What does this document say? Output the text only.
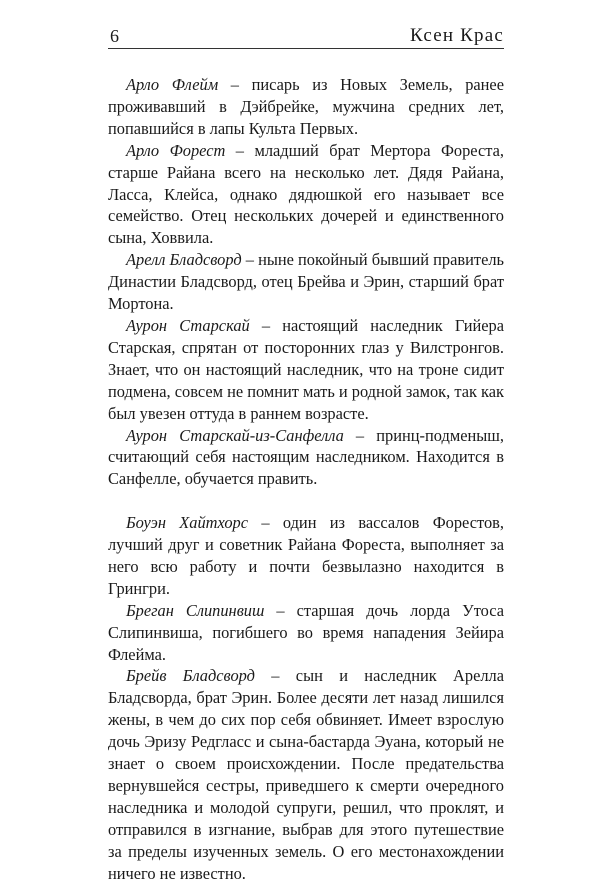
6	Ксен Крас

Арло Флейм – писарь из Новых Земель, ранее проживавший в Дэйбрейке, мужчина средних лет, попавшийся в лапы Культа Первых.

Арло Форест – младший брат Мертора Фореста, старше Райана всего на несколько лет. Дядя Райана, Ласса, Клейса, однако дядюшкой его называет все семейство. Отец нескольких дочерей и единственного сына, Ховвила.

Арелл Бладсворд – ныне покойный бывший правитель Династии Бладсворд, отец Брейва и Эрин, старший брат Мортона.

Аурон Старскай – настоящий наследник Гийера Старская, спрятан от посторонних глаз у Вилстронгов. Знает, что он настоящий наследник, что на троне сидит подмена, совсем не помнит мать и родной замок, так как был увезен оттуда в раннем возрасте.

Аурон Старскай-из-Санфелла – принц-подменыш, считающий себя настоящим наследником. Находится в Санфелле, обучается править.

Боуэн Хайтхорс – один из вассалов Форестов, лучший друг и советник Райана Фореста, выполняет за него всю работу и почти безвылазно находится в Грингри.

Бреган Слипинвиш – старшая дочь лорда Утоса Слипинвиша, погибшего во время нападения Зейира Флейма.

Брейв Бладсворд – сын и наследник Арелла Бладсворда, брат Эрин. Более десяти лет назад лишился жены, в чем до сих пор себя обвиняет. Имеет взрослую дочь Эризу Редгласс и сына-бастарда Эуана, который не знает о своем происхождении. После предательства вернувшейся сестры, приведшего к смерти очередного наследника и молодой супруги, решил, что проклят, и отправился в изгнание, выбрав для этого путешествие за пределы изученных земель. О его местонахождении ничего не известно.
